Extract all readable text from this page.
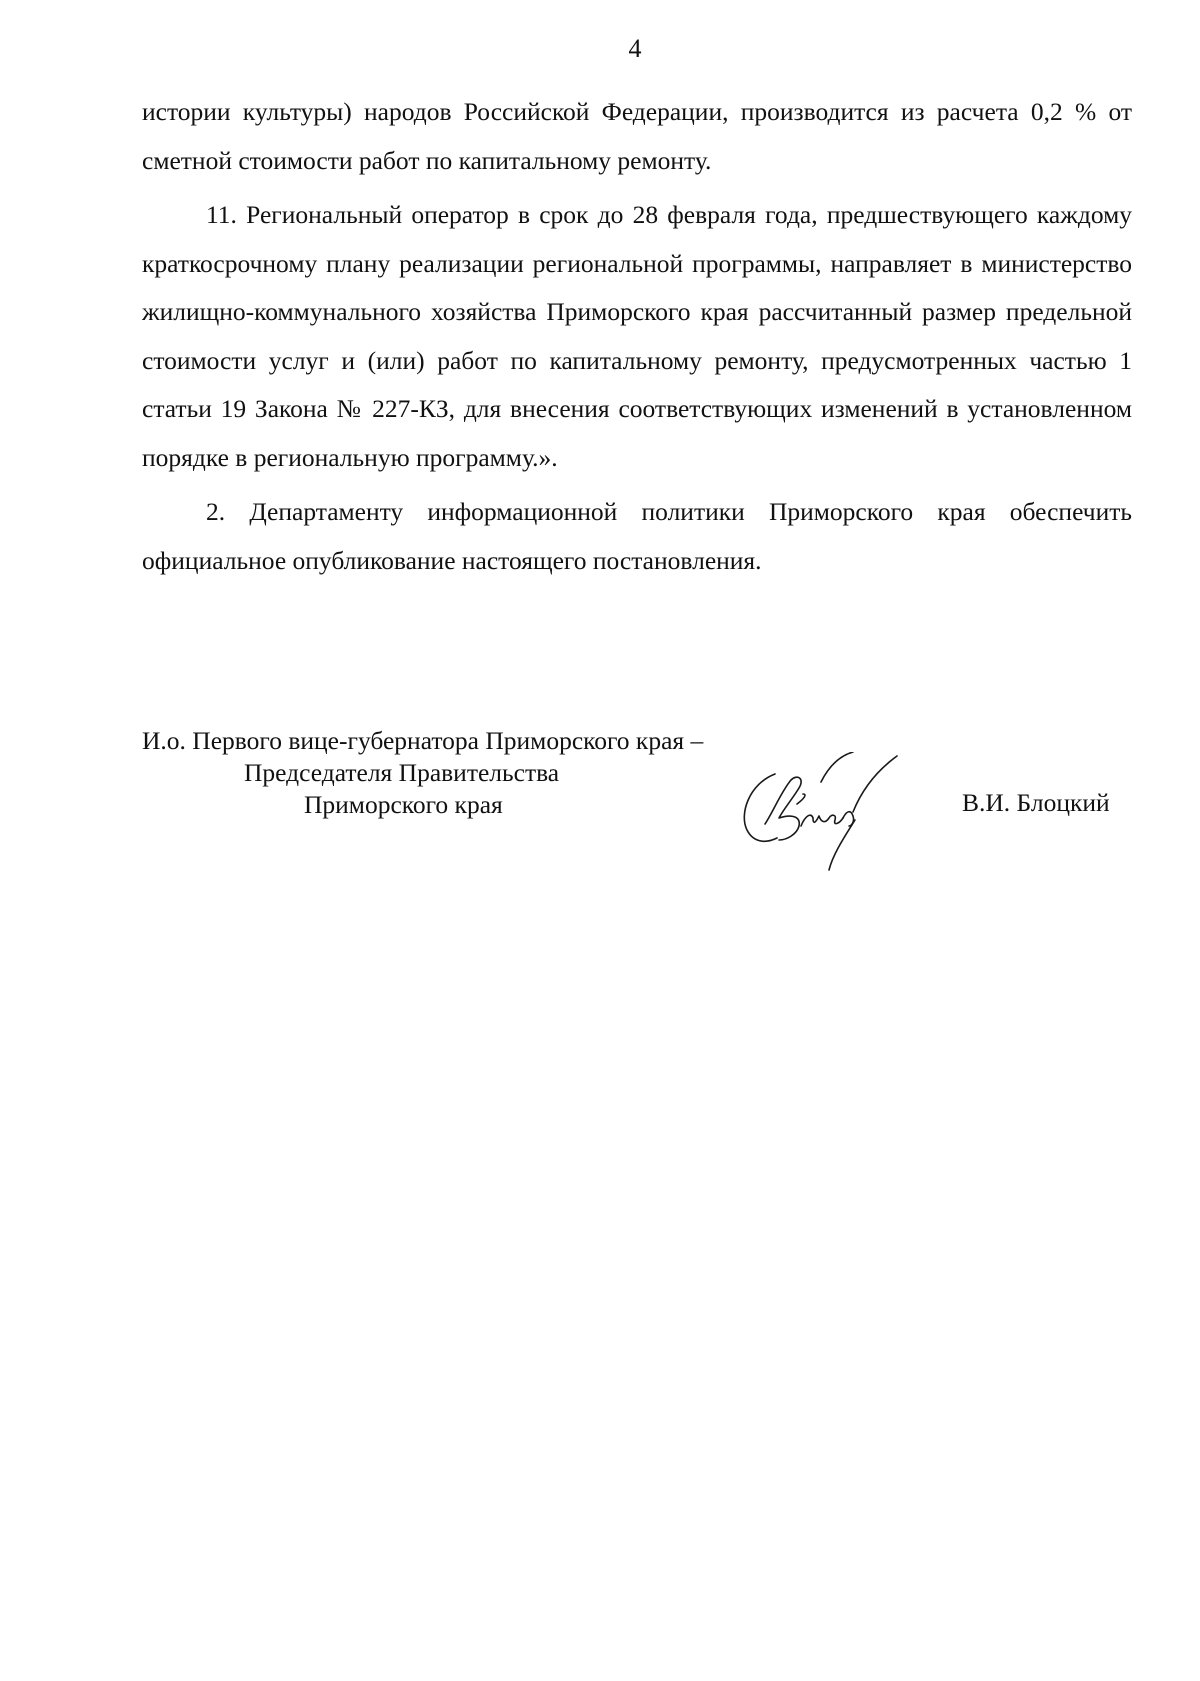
4

истории культуры) народов Российской Федерации, производится из расчета 0,2 % от сметной стоимости работ по капитальному ремонту.

11. Региональный оператор в срок до 28 февраля года, предшествующего каждому краткосрочному плану реализации региональной программы, направляет в министерство жилищно-коммунального хозяйства Приморского края рассчитанный размер предельной стоимости услуг и (или) работ по капитальному ремонту, предусмотренных частью 1 статьи 19 Закона № 227-КЗ, для внесения соответствующих изменений в установленном порядке в региональную программу.».

2. Департаменту информационной политики Приморского края обеспечить официальное опубликование настоящего постановления.

И.о. Первого вице-губернатора Приморского края –
Председателя Правительства
Приморского края	В.И. Блоцкий
